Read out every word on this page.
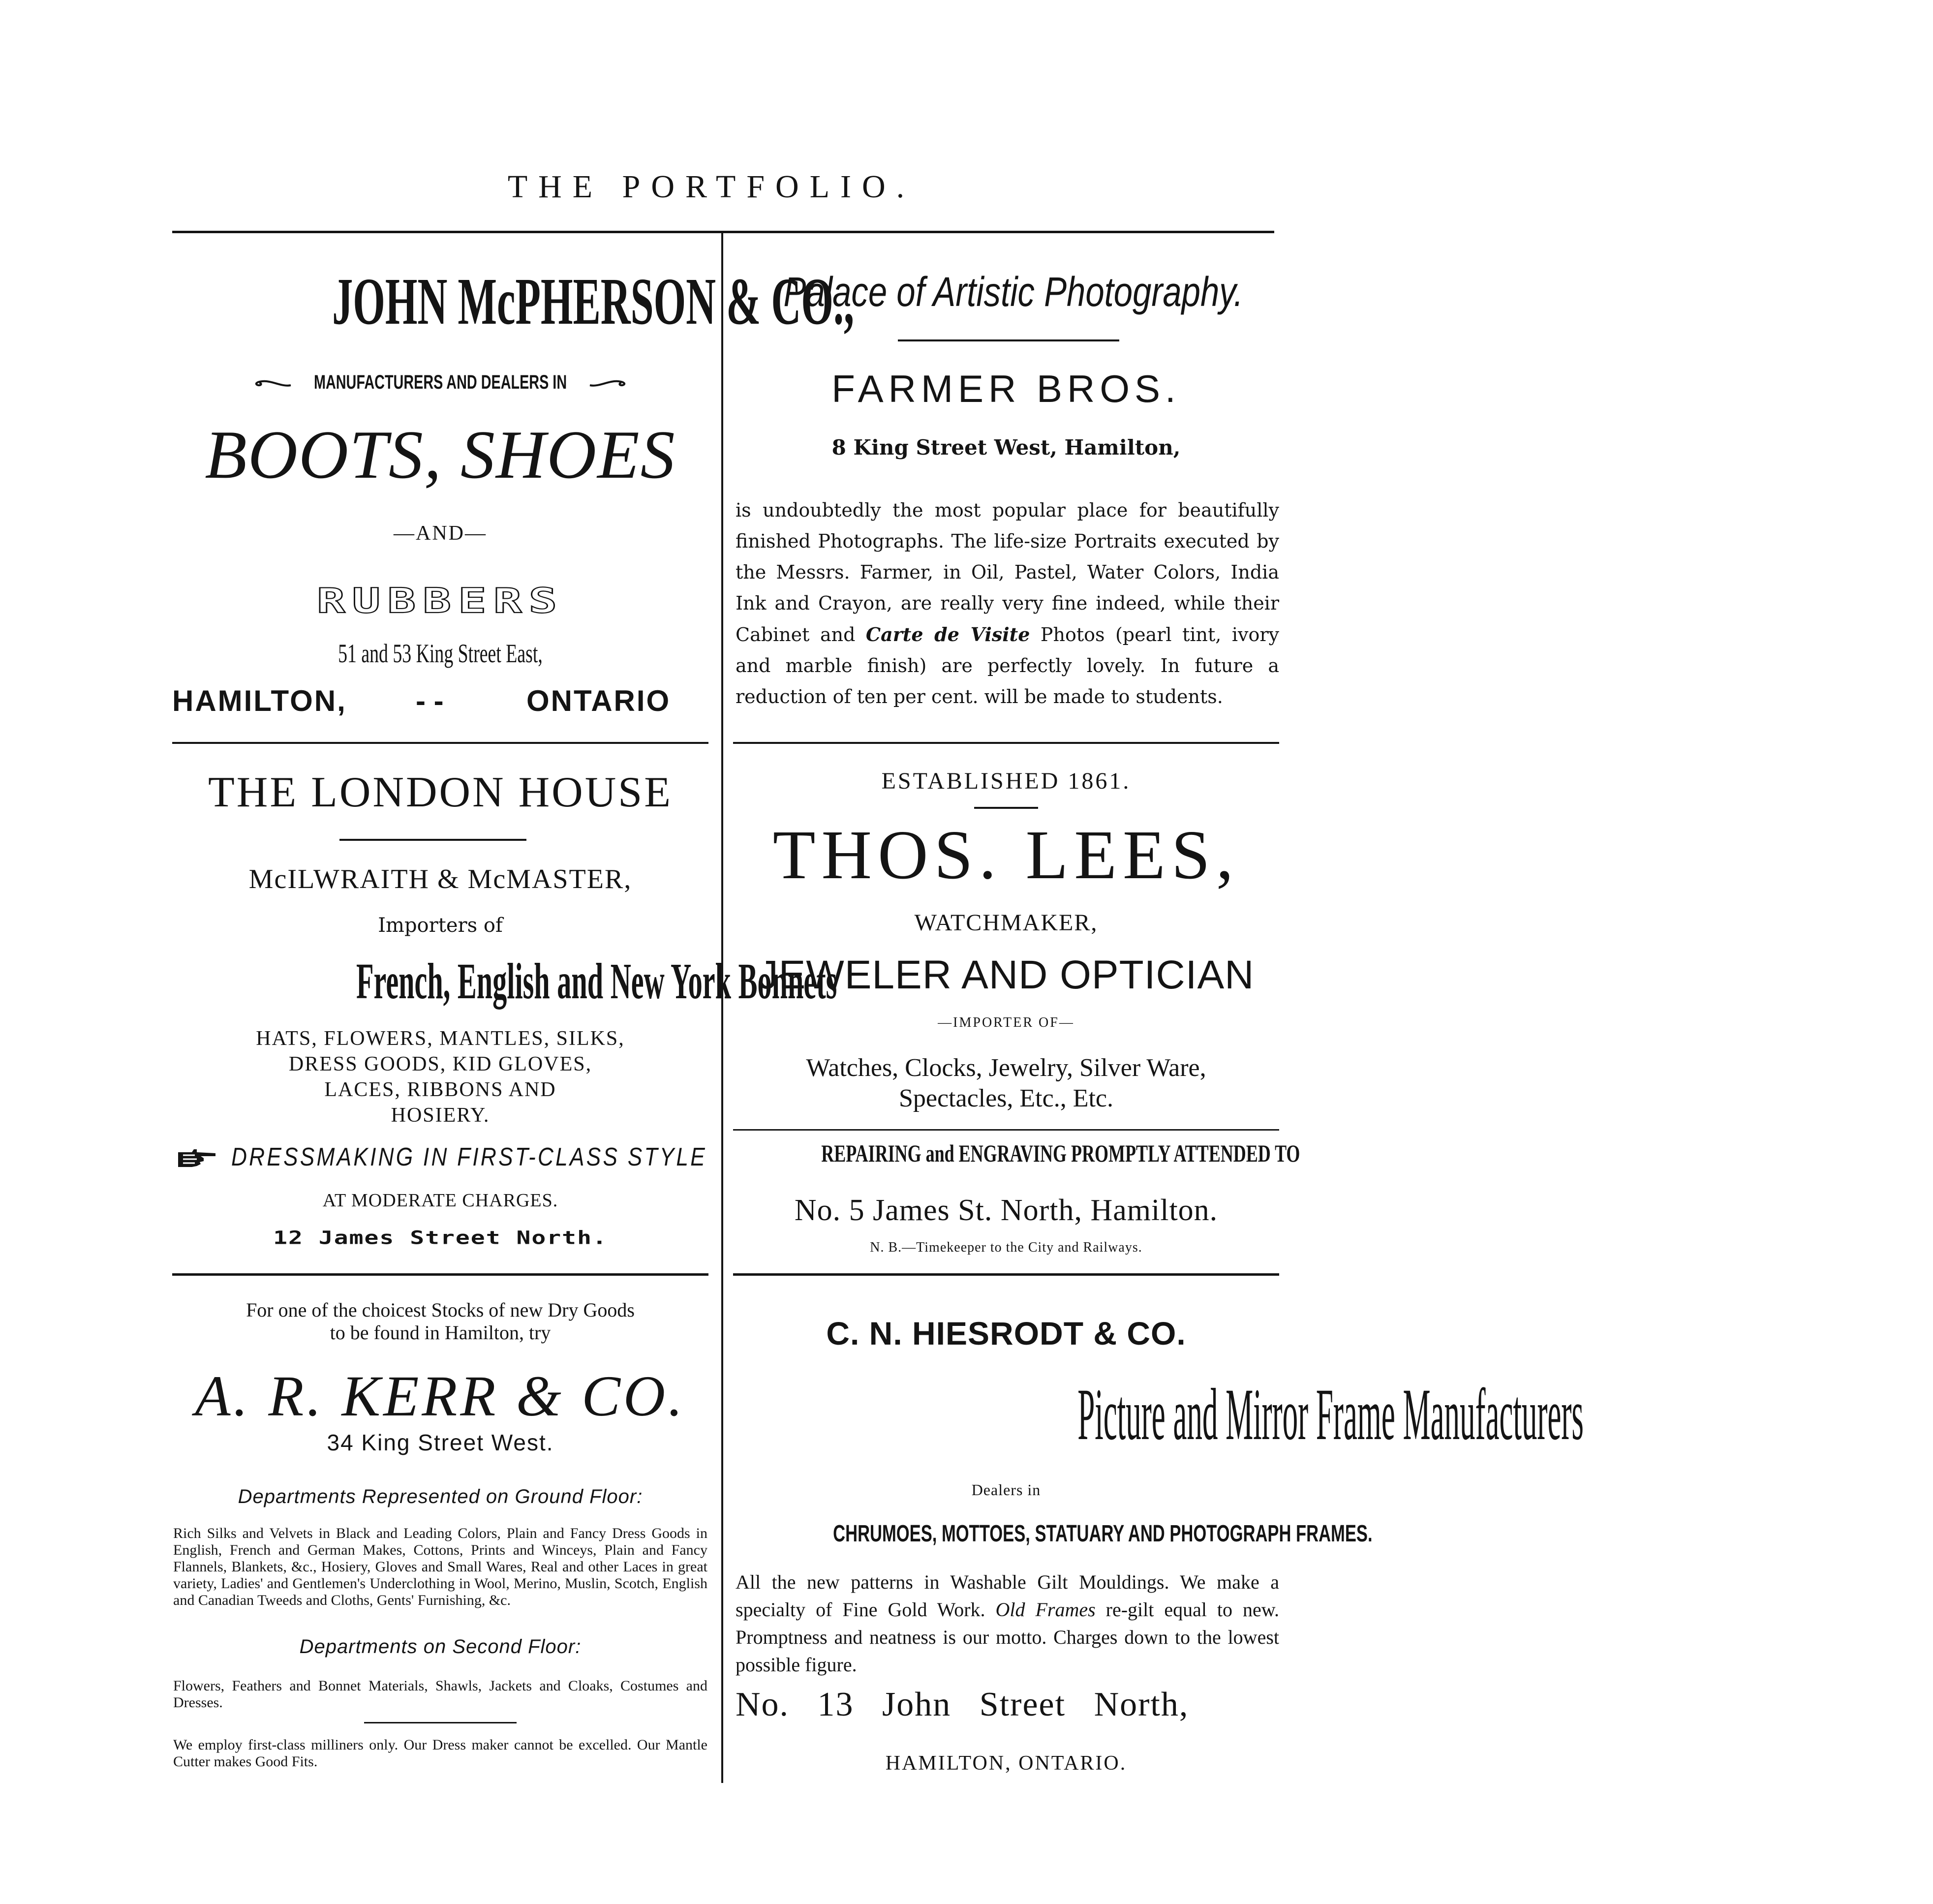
THE PORTFOLIO.
JOHN McPHERSON & CO.,
MANUFACTURERS AND DEALERS IN
BOOTS, SHOES
—AND—
RUBBERS
51 and 53 King Street East,
HAMILTON, - -	ONTARIO
Palace of Artistic Photography.
FARMER BROS.
8 King Street West, Hamilton,
is undoubtedly the most popular place for beautifully finished Photographs. The life-size Portraits executed by the Messrs. Farmer, in Oil, Pastel, Water Colors, India Ink and Crayon, are really very fine indeed, while their Cabinet and Carte de Visite Photos (pearl tint, ivory and marble finish) are perfectly lovely. In future a reduction of ten per cent. will be made to students.
THE LONDON HOUSE
McILWRAITH & McMASTER,
Importers of
French, English and New York Bonnets
HATS, FLOWERS, MANTLES, SILKS,
DRESS GOODS, KID GLOVES,
LACES, RIBBONS AND
HOSIERY.
DRESSMAKING IN FIRST-CLASS STYLE
AT MODERATE CHARGES.
12 James Street North.
ESTABLISHED 1861.
THOS. LEES,
WATCHMAKER,
JEWELER AND OPTICIAN
—IMPORTER OF—
Watches, Clocks, Jewelry, Silver Ware,
Spectacles, Etc., Etc.
REPAIRING and ENGRAVING PROMPTLY ATTENDED TO
No. 5 James St. North, Hamilton.
N. B.—Timekeeper to the City and Railways.
For one of the choicest Stocks of new Dry Goods
to be found in Hamilton, try
A. R. KERR & CO.
34 King Street West.
Departments Represented on Ground Floor:
Rich Silks and Velvets in Black and Leading Colors, Plain and Fancy Dress Goods in English, French and German Makes, Cottons, Prints and Winceys, Plain and Fancy Flannels, Blankets, &c., Hosiery, Gloves and Small Wares, Real and other Laces in great variety, Ladies' and Gentlemen's Underclothing in Wool, Merino, Muslin, Scotch, English and Canadian Tweeds and Cloths, Gents' Furnishing, &c.
Departments on Second Floor:
Flowers, Feathers and Bonnet Materials, Shawls, Jackets and Cloaks, Costumes and Dresses.
We employ first-class milliners only. Our Dress maker cannot be excelled. Our Mantle Cutter makes Good Fits.
C. N. HIESRODT & CO.
Picture and Mirror Frame Manufacturers
Dealers in
CHRUMOES, MOTTOES, STATUARY AND PHOTOGRAPH FRAMES.
All the new patterns in Washable Gilt Mouldings. We make a specialty of Fine Gold Work. Old Frames re-gilt equal to new. Promptness and neatness is our motto. Charges down to the lowest possible figure.
No. 13 John Street North,
HAMILTON, ONTARIO.
